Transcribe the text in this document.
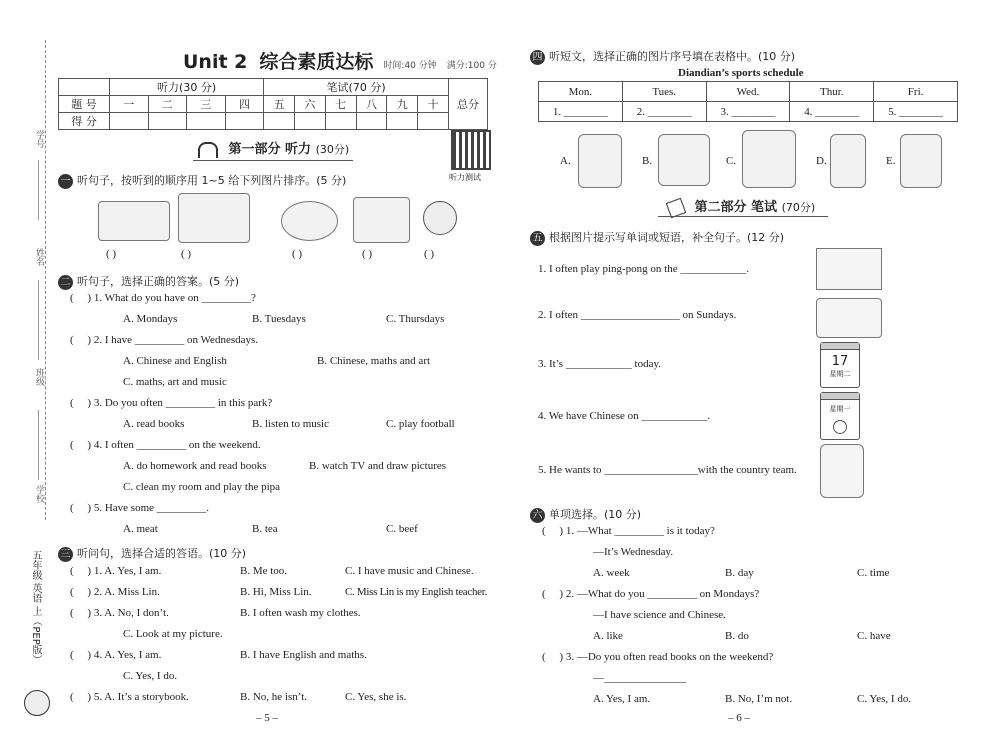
学号
姓名
班级
学校
五年级 英语 上（PEP版）
Unit 2 综合素质达标 时间:40 分钟 满分:100 分
	听力(30 分)				笔试(70 分)						总分
题 号	一	二	三	四	五	六	七	八	九	十	
得 分											
第一部分 听力 (30分)
听力测试
一 听句子，按听到的顺序用 1~5 给下列图片排序。(5 分)
( )	( )	( )	( )	( )
二 听句子，选择正确的答案。(5 分)
(     ) 1. What do you have on _________?
A. Mondays	B. Tuesdays	C. Thursdays
(     ) 2. I have _________ on Wednesdays.
A. Chinese and English	B. Chinese, maths and art
C. maths, art and music
(     ) 3. Do you often _________ in this park?
A. read books	B. listen to music	C. play football
(     ) 4. I often _________ on the weekend.
A. do homework and read books	B. watch TV and draw pictures
C. clean my room and play the pipa
(     ) 5. Have some _________.
A. meat	B. tea	C. beef
三 听问句，选择合适的答语。(10 分)
(     ) 1. A. Yes, I am.	B. Me too.	C. I have music and Chinese.
(     ) 2. A. Miss Lin.	B. Hi, Miss Lin.	C. Miss Lin is my English teacher.
(     ) 3. A. No, I don’t.	B. I often wash my clothes.
C. Look at my picture.
(     ) 4. A. Yes, I am.	B. I have English and maths.
C. Yes, I do.
(     ) 5. A. It’s a storybook.	B. No, he isn’t.	C. Yes, she is.
– 5 –
四 听短文，选择正确的图片序号填在表格中。(10 分)
Diandian’s sports schedule
Mon.	Tues.	Wed.	Thur.	Fri.
1. ________	2. ________	3. ________	4. ________	5. ________
A.	B.	C.	D.	E.
第二部分 笔试 (70分)
五 根据图片提示写单词或短语，补全句子。(12 分)
1. I often play ping-pong on the ____________.
2. I often __________________ on Sundays.
3. It’s ____________ today.	17
星期二
4. We have Chinese on ____________.
星期一
5. He wants to _________________with the country team.
六 单项选择。(10 分)
(     ) 1. —What _________ is it today?
—It’s Wednesday.
A. week	B. day	C. time
(     ) 2. —What do you _________ on Mondays?
—I have science and Chinese.
A. like	B. do	C. have
(     ) 3. —Do you often read books on the weekend?
—_______________
A. Yes, I am.	B. No, I’m not.	C. Yes, I do.
– 6 –
